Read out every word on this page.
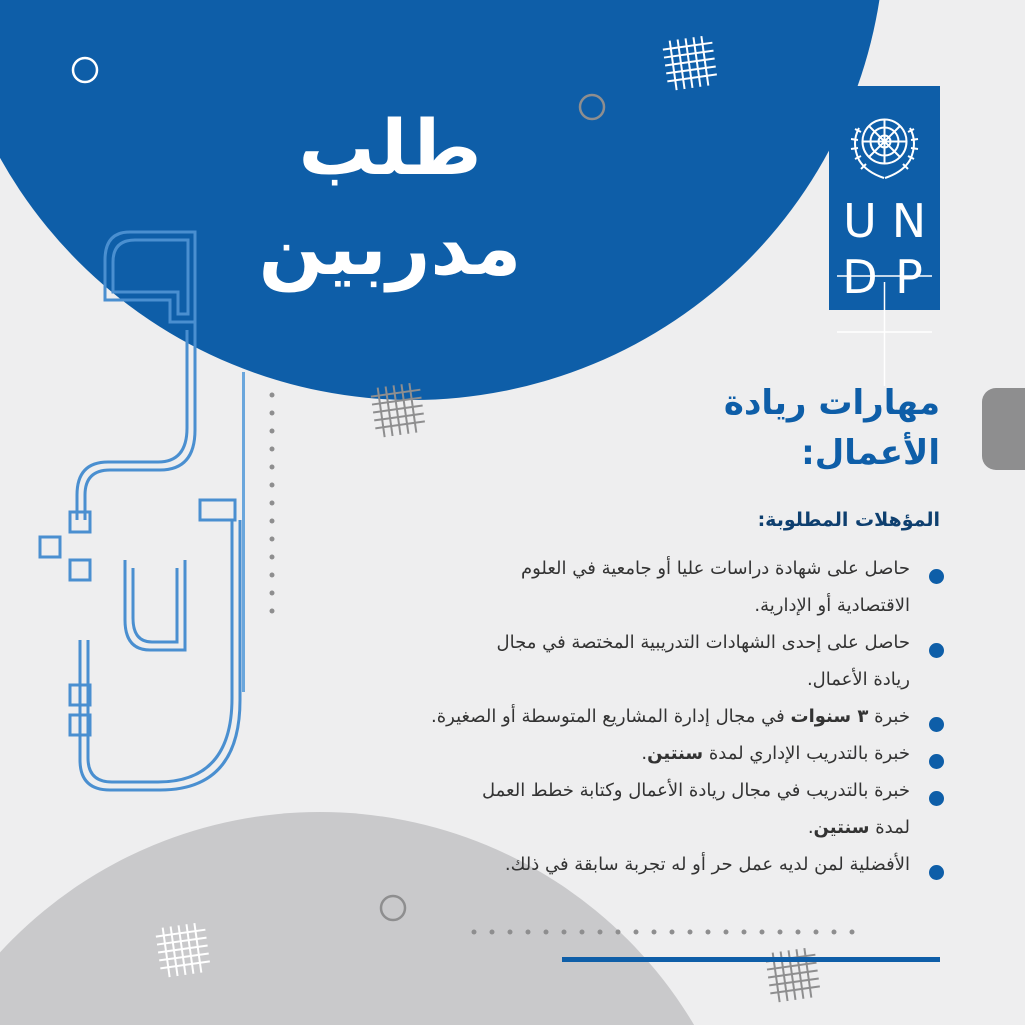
طلب
مدربين	U N
D P
مهارات ريادة
الأعمال:
المؤهلات المطلوبة:
حاصل على شهادة دراسات عليا أو جامعية في العلوم
الاقتصادية أو الإدارية.
حاصل على إحدى الشهادات التدريبية المختصة في مجال
ريادة الأعمال.
خبرة ٣ سنوات في مجال إدارة المشاريع المتوسطة أو الصغيرة.
خبرة بالتدريب الإداري لمدة سنتين.
خبرة بالتدريب في مجال ريادة الأعمال وكتابة خطط العمل
لمدة سنتين.
الأفضلية لمن لديه عمل حر أو له تجربة سابقة في ذلك.
